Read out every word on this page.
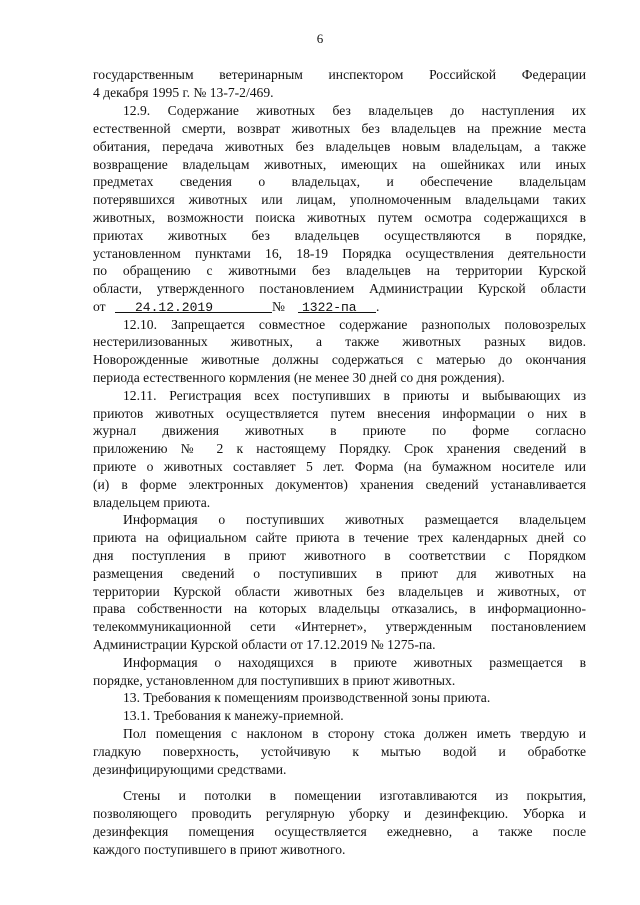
6
государственным ветеринарным инспектором Российской Федерации
4 декабря 1995 г. № 13-7-2/469.
12.9. Содержание животных без владельцев до наступления их
естественной смерти, возврат животных без владельцев на прежние места
обитания, передача животных без владельцев новым владельцам, а также
возвращение владельцам животных, имеющих на ошейниках или иных
предметах сведения о владельцах, и обеспечение владельцам
потерявшихся животных или лицам, уполномоченным владельцами таких
животных, возможности поиска животных путем осмотра содержащихся в
приютах животных без владельцев осуществляются в порядке,
установленном пунктами 16, 18-19 Порядка осуществления деятельности
по обращению с животными без владельцев на территории Курской
области, утвержденного постановлением Администрации Курской области
от 24.12.2019	№ 1322-па .
12.10. Запрещается совместное содержание разнополых половозрелых
нестерилизованных животных, а также животных разных видов.
Новорожденные животные должны содержаться с матерью до окончания
периода естественного кормления (не менее 30 дней со дня рождения).
12.11. Регистрация всех поступивших в приюты и выбывающих из
приютов животных осуществляется путем внесения информации о них в
журнал движения животных в приюте по форме согласно
приложению № 2 к настоящему Порядку. Срок хранения сведений в
приюте о животных составляет 5 лет. Форма (на бумажном носителе или
(и) в форме электронных документов) хранения сведений устанавливается
владельцем приюта.
Информация о поступивших животных размещается владельцем
приюта на официальном сайте приюта в течение трех календарных дней со
дня поступления в приют животного в соответствии с Порядком
размещения сведений о поступивших в приют для животных на
территории Курской области животных без владельцев и животных, от
права собственности на которых владельцы отказались, в информационно-
телекоммуникационной сети «Интернет», утвержденным постановлением
Администрации Курской области от 17.12.2019 № 1275-па.
Информация о находящихся в приюте животных размещается в
порядке, установленном для поступивших в приют животных.
13. Требования к помещениям производственной зоны приюта.
13.1. Требования к манежу-приемной.
Пол помещения с наклоном в сторону стока должен иметь твердую и
гладкую поверхность, устойчивую к мытью водой и обработке
дезинфицирующими средствами.
Стены и потолки в помещении изготавливаются из покрытия,
позволяющего проводить регулярную уборку и дезинфекцию. Уборка и
дезинфекция помещения осуществляется ежедневно, а также после
каждого поступившего в приют животного.
